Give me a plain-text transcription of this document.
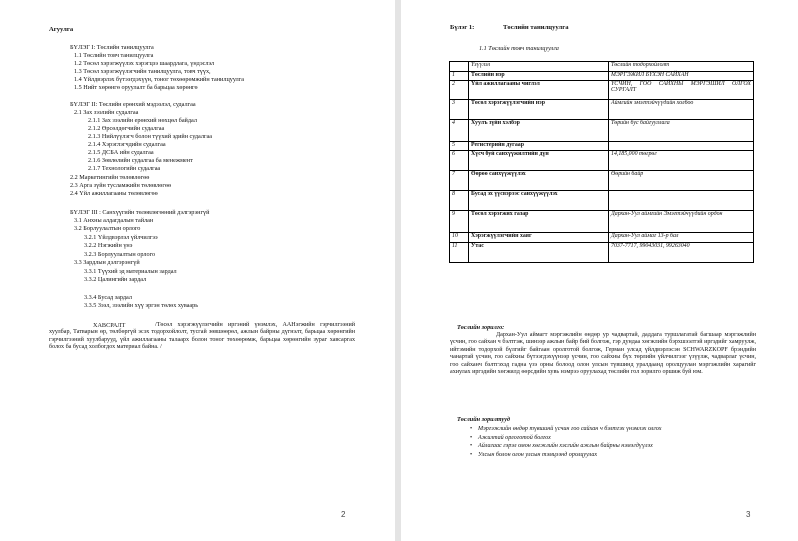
Агуулга
БҮЛЭГ I: Төслийн танилцуулга
1.1 Төслийн товч танилцуулга
1.2 Төсөл хэрэгжүүлэх хэрэгцээ шаардлага, үндэслэл
1.3 Төсөл хэрэгжүүлэгчийн танилцуулга, товч түүх,
1.4 Үйлдвэрлэх бүтээгдэхүүн, тоног төхөөрөмжийн танилцуулга
1.5 Нийт хөрөнгө оруулалт ба барьцаа хөрөнгө
БҮЛЭГ II: Төслийн ерөнхий мэдээлэл, судалгаа
2.1 Зах зээлийн судалгаа
2.1.1 Зах зээлийн ерөнхий нөхцөл байдал
2.1.2 Өрсөлдөгчийн судалгаа
2.1.3 Нийлүүлэгч болон түүхий эдийн судалгаа
2.1.4 Хэрэглэгчдийн судалгаа
2.1.5 ДСБА ийн судалгаа
2.1.6 Зөвлөлийн судалгаа ба менежмент
2.1.7 Технологийн судалгаа
2.2 Маркетингийн төлөвлөгөө
2.3 Арга зүйн тусламжийн төлөвлөгөө
2.4 Үйл ажиллагааны төлөвлөгөө
БҮЛЭГ III : Санхүүгийн төлөвлөгөөний дэлгэрэнгүй
3.1 Анхны алдагдалын тайлан
3.2 Борлуулалтын орлого
3.2.1 Үйлдвэрлэл үйлчилгээ
3.2.2 Нэгжийн үнэ
3.2.3 Борлуулалтын орлого
3.3 Зардлын дэлгэрэнгүй
3.3.1 Түүхий эд материалын зардал
3.3.2 Цалингийн зардал
3.3.4 Бусад зардал
3.3.5 Зээл, зээлийн хүү эргэн төлөх хуваарь
ХАВСРАЛТ	/Төсөл хэрэгжүүлэгчийн иргэний үнэмлэх, ААНэгжийн гэрчилгээний хуулбар, Татварын өр, төлбөргүй эсэх тодорхойлолт, тусгай зөвшөөрөл, ажлын байрны дүгнэлт, барьцаа хөрөнгийн гэрчилгээний хуулбарууд, үйл ажиллагааны талаарх болон тоног төхөөрөмж, барьцаа хөрөнгийн зураг хавсаргах болох ба бусад холбогдох материал байна. /
2
Бүлэг 1:	Төслийн танилцуулга
1.1 Төслийн товч танилцуулга
	Үзүүлэл	Төслийн тодорхойлолт
1	Төслийн нэр	МЭРГЭЖИЛ БҮХЭН САЙХАН
2	Үйл ажиллагааны чиглэл	ҮСЧИН, ГОО САЙХНЫ МЭРГЭШИЛ ОЛГОХ СУРГАЛТ
3	Төсөл хэрэгжүүлэгчийн нэр	Аймгийн эмэгтэйчүүдийн холбоо
4	Хуулъ зүйн хэлбэр	Төрийн бус байгууллага
5	Регистерийн дугаар	
6	Хүсч буй санхүүжилтийн дүн	14,185,000 төгрөг
7	Өөрөө санхүүжүүлэх	Өөрийн байр
8	Бусад эх үүсвэрээс санхүүжүүлэх	
9	Төсөл хэрэгжих газар	Дархан-Уул аймгийн Эмэгтэйчүүдийн ордон
10	Хэрэгжүүлэгчийн хаяг	Дархан-Уул аймаг 13-р бал
11	Утас	7037-7717, 99043031, 99263040
Төслийн зорилго:
Дархан-Уул аймагт мэргэжлийн өндөр ур чадвартай, даддага туршлагатай багшаар мэргэжлийн үсчин, гоо сайхан ч бэлтгэж, шинээр ажлын байр бий болгож, гэр дундаа хөгжлийн бэрхшээлтэй иргэдийг хамруулж, ийтэмийн тодорхой бүлгийг байгаан оролготой болгож, Герман улсад үйлдвэрлэсэн SCHWARZKOPF брэндийн чанартай үсчин, гоо сайхны бүтээгдэхүүнээр үсчин, гоо сайхны бүх төрлийн үйлчилгээг үзүүлж, чадварлаг үсчин, гоо сайханч бэлтгэхэд гадна үзэ орны болоод олон улсын түвшинд уралдаанд оролцуулан мэргэжлийн харагийг ахиулах иргэдийн хөгжилд өөрсдийн хувь нэмрээ оруулахад төслийн гол зорилго оршиж буй юм.
Төслийн зорилтууд
• Мэргэжлийн өндөр түвшинй үсчин гоо сайхан ч бэлтгэх үнэмлэх олгох
• Ажилтай орлоготой болгох
• Айлагаас гэрэл омон хөгжлийн хэсгийн ажлын байрны нэмэгдүүлэх
• Улсын болон олон улсын тэмцээнд оролцуулах
3
